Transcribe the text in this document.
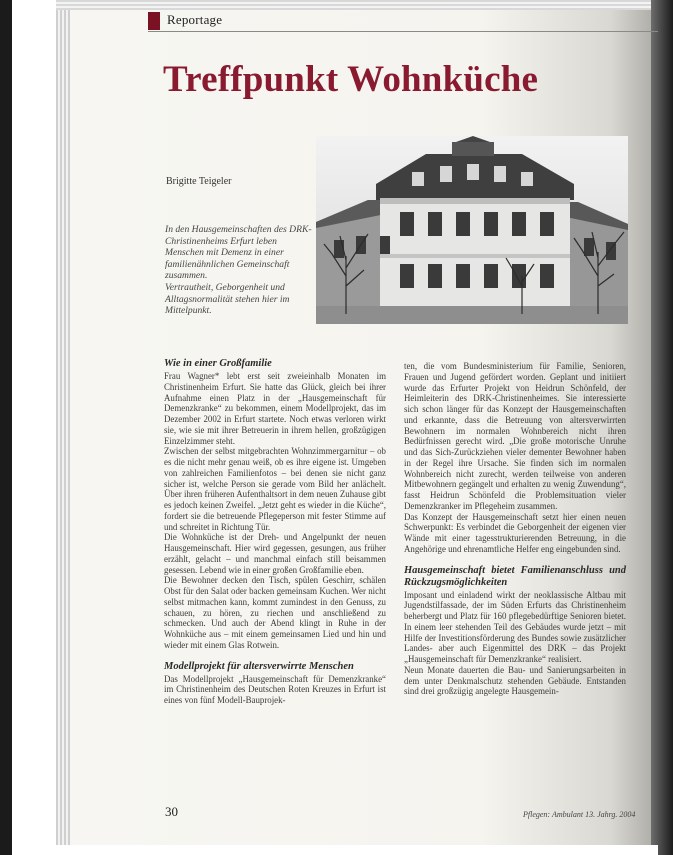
Reportage
Treffpunkt Wohnküche
Brigitte Teigeler

In den Hausgemeinschaften des DRK-Christinenheims Erfurt leben Menschen mit Demenz in einer familienähnlichen Gemeinschaft zusammen.

Vertrautheit, Geborgenheit und Alltagsnormalität stehen hier im Mittelpunkt.

Wie in einer Großfamilie

Frau Wagner* lebt erst seit zweieinhalb Monaten im Christinenheim Erfurt. Sie hatte das Glück, gleich bei ihrer Aufnahme einen Platz in der „Hausgemeinschaft für Demenzkranke“ zu bekommen, einem Modellprojekt, das im Dezember 2002 in Erfurt startete. Noch etwas verloren wirkt sie, wie sie mit ihrer Betreuerin in ihrem hellen, großzügigen Einzelzimmer steht.

Zwischen der selbst mitgebrachten Wohnzimmergarnitur – ob es die nicht mehr genau weiß, ob es ihre eigene ist. Umgeben von zahlreichen Familienfotos – bei denen sie nicht ganz sicher ist, welche Person sie gerade vom Bild her anlächelt. Über ihren früheren Aufenthaltsort in dem neuen Zuhause gibt es jedoch keinen Zweifel. „Jetzt geht es wieder in die Küche“, fordert sie die betreuende Pflegeperson mit fester Stimme auf und schreitet in Richtung Tür.

Die Wohnküche ist der Dreh- und Angelpunkt der neuen Hausgemeinschaft. Hier wird gegessen, gesungen, aus früher erzählt, gelacht – und manchmal einfach still beisammen gesessen. Lebend wie in einer großen Großfamilie eben.

Die Bewohner decken den Tisch, spülen Geschirr, schälen Obst für den Salat oder backen gemeinsam Kuchen. Wer nicht selbst mitmachen kann, kommt zumindest in den Genuss, zu schauen, zu hören, zu riechen und anschließend zu schmecken. Und auch der Abend klingt in Ruhe in der Wohnküche aus – mit einem gemeinsamen Lied und hin und wieder mit einem Glas Rotwein.

Modellprojekt für altersverwirrte Menschen

Das Modellprojekt „Hausgemeinschaft für Demenzkranke“ im Christinenheim des Deutschen Roten Kreuzes in Erfurt ist eines von fünf Modell-Bauprojek-

ten, die vom Bundesministerium für Familie, Senioren, Frauen und Jugend gefördert worden. Geplant und initiiert wurde das Erfurter Projekt von Heidrun Schönfeld, der Heimleiterin des DRK-Christinenheimes. Sie interessierte sich schon länger für das Konzept der Hausgemeinschaften und erkannte, dass die Betreuung von altersverwirrten Bewohnern im normalen Wohnbereich nicht ihren Bedürfnissen gerecht wird. „Die große motorische Unruhe und das Sich-Zurückziehen vieler dementer Bewohner haben in der Regel ihre Ursache. Sie finden sich im normalen Wohnbereich nicht zurecht, werden teilweise von anderen Mitbewohnern gegängelt und erhalten zu wenig Zuwendung“, fasst Heidrun Schönfeld die Problemsituation vieler Demenzkranker im Pflegeheim zusammen.

Das Konzept der Hausgemeinschaft setzt hier einen neuen Schwerpunkt: Es verbindet die Geborgenheit der eigenen vier Wände mit einer tagesstrukturierenden Betreuung, in die Angehörige und ehrenamtliche Helfer eng eingebunden sind.

Hausgemeinschaft bietet Familienanschluss und Rückzugsmöglichkeiten

Imposant und einladend wirkt der neoklassische Altbau mit Jugendstilfassade, der im Süden Erfurts das Christinenheim beherbergt und Platz für 160 pflegebedürftige Senioren bietet. In einem leer stehenden Teil des Gebäudes wurde jetzt – mit Hilfe der Investitionsförderung des Bundes sowie zusätzlicher Landes- aber auch Eigenmittel des DRK – das Projekt „Hausgemeinschaft für Demenzkranke“ realisiert.

Neun Monate dauerten die Bau- und Sanierungsarbeiten in dem unter Denkmalschutz stehenden Gebäude. Entstanden sind drei großzügig angelegte Hausgemein-

30	Pflegen: Ambulant 13. Jahrg. 2004
